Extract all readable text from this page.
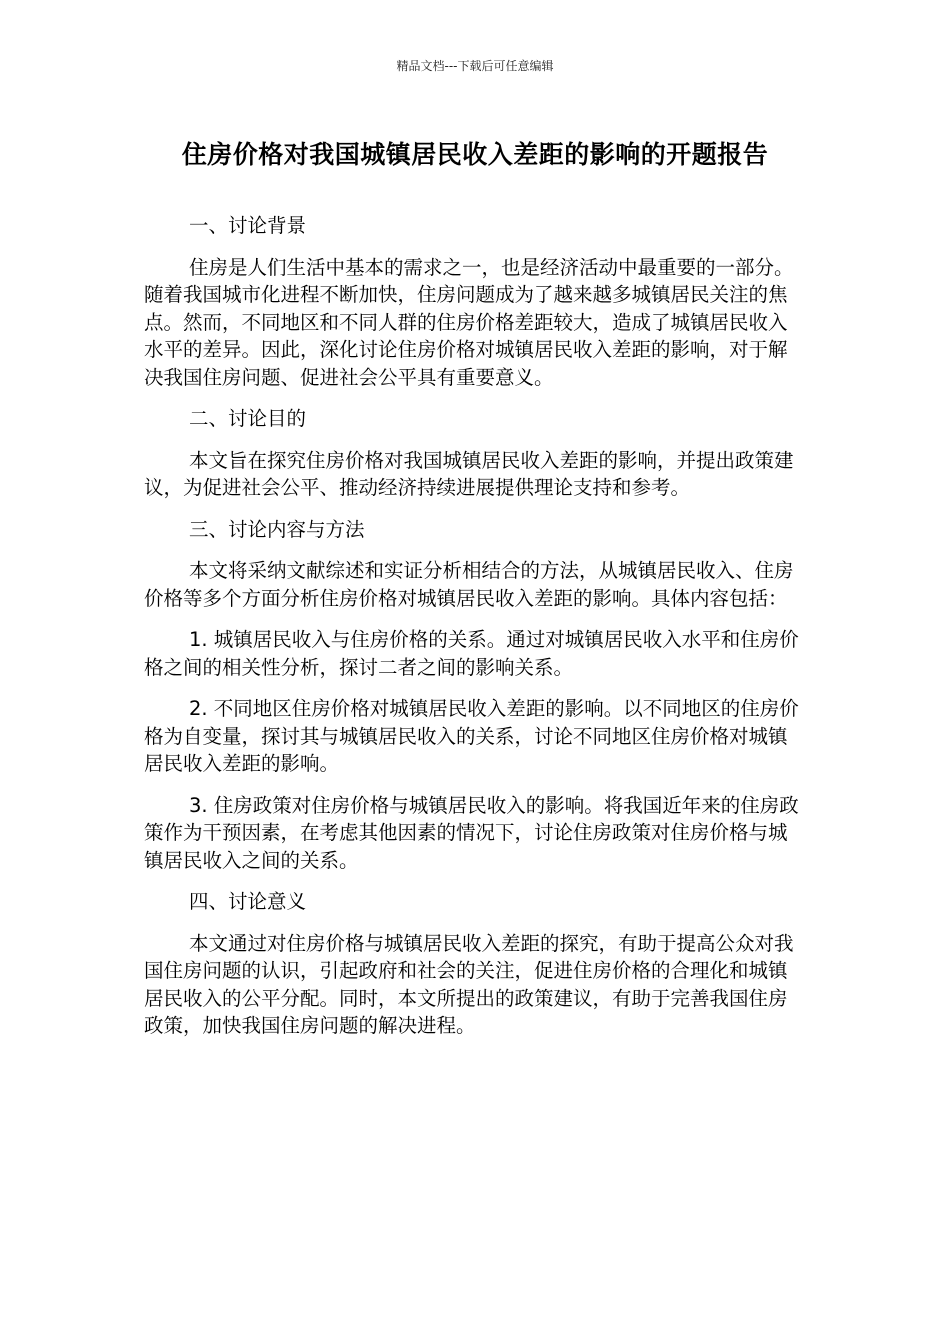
精品文档---下载后可任意编辑
住房价格对我国城镇居民收入差距的影响的开题报告

一、讨论背景

住房是人们生活中基本的需求之一，也是经济活动中最重要的一部分。随着我国城市化进程不断加快，住房问题成为了越来越多城镇居民关注的焦点。然而，不同地区和不同人群的住房价格差距较大，造成了城镇居民收入水平的差异。因此，深化讨论住房价格对城镇居民收入差距的影响，对于解决我国住房问题、促进社会公平具有重要意义。

二、讨论目的

本文旨在探究住房价格对我国城镇居民收入差距的影响，并提出政策建议，为促进社会公平、推动经济持续进展提供理论支持和参考。

三、讨论内容与方法

本文将采纳文献综述和实证分析相结合的方法，从城镇居民收入、住房价格等多个方面分析住房价格对城镇居民收入差距的影响。具体内容包括：

1. 城镇居民收入与住房价格的关系。通过对城镇居民收入水平和住房价格之间的相关性分析，探讨二者之间的影响关系。

2. 不同地区住房价格对城镇居民收入差距的影响。以不同地区的住房价格为自变量，探讨其与城镇居民收入的关系，讨论不同地区住房价格对城镇居民收入差距的影响。

3. 住房政策对住房价格与城镇居民收入的影响。将我国近年来的住房政策作为干预因素，在考虑其他因素的情况下，讨论住房政策对住房价格与城镇居民收入之间的关系。

四、讨论意义

本文通过对住房价格与城镇居民收入差距的探究，有助于提高公众对我国住房问题的认识，引起政府和社会的关注，促进住房价格的合理化和城镇居民收入的公平分配。同时，本文所提出的政策建议，有助于完善我国住房政策，加快我国住房问题的解决进程。
